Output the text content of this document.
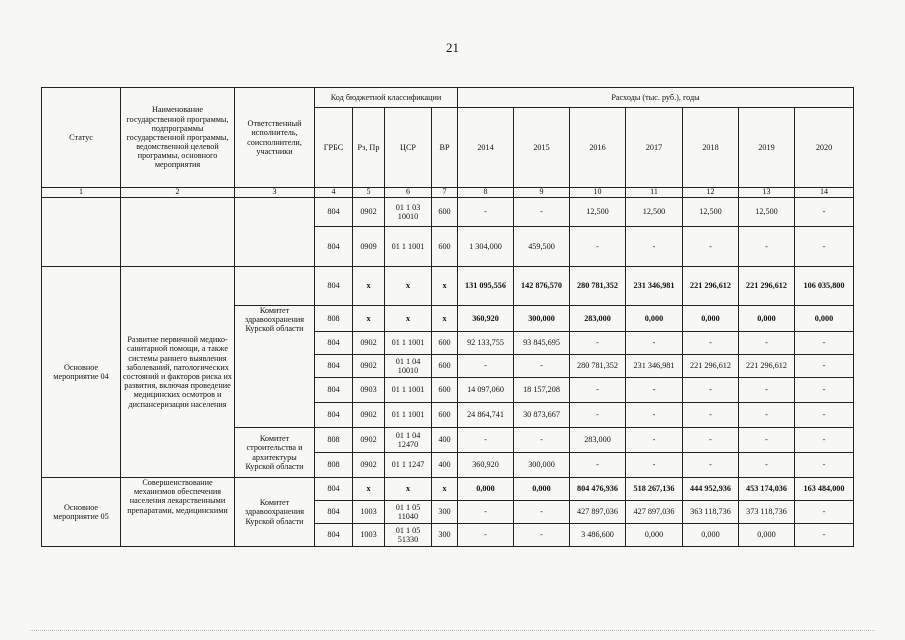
21
Статус	Наименование государственной программы, подпрограммы государственной программы, ведомственной целевой программы, основного мероприятия	Ответственный исполнитель, соисполнители, участники	Код бюджетной классификации				Расходы (тыс. руб.), годы						
			ГРБС	Рз, Пр	ЦСР	ВР	2014	2015	2016	2017	2018	2019	2020
1	2	3	4	5	6	7	8	9	10	11	12	13	14
			804	0902	01 1 03 10010	600	-	-	12,500	12,500	12,500	12,500	-
			804	0909	01 1 1001	600	1 304,000	459,500	-	-	-	-	-
Основное мероприятие 04	Развитие первичной медико-санитарной помощи, а также системы раннего выявления заболеваний, патологических состояний и факторов риска их развития, включая проведение медицинских осмотров и диспансеризации населения		804	х	х	х	131 095,556	142 876,570	280 781,352	231 346,981	221 296,612	221 296,612	106 035,800
		Комитет здравоохранения Курской области	808	х	х	х	360,920	300,000	283,000	0,000	0,000	0,000	0,000
			804	0902	01 1 1001	600	92 133,755	93 845,695	-	-	-	-	-
			804	0902	01 1 04 10010	600	-	-	280 781,352	231 346,981	221 296,612	221 296,612	-
			804	0903	01 1 1001	600	14 097,060	18 157,208	-	-	-	-	-
			804	0902	01 1 1001	600	24 864,741	30 873,667	-	-	-	-	-
		Комитет строительства и архитектуры Курской области	808	0902	01 1 04 12470	400	-	-	283,000	-	-	-	-
			808	0902	01 1 1247	400	360,920	300,000	-	-	-	-	-
Основное мероприятие 05	Совершенствование механизмов обеспечения населения лекарственными препаратами, медицинскими	Комитет здравоохранения Курской области	804	х	х	х	0,000	0,000	804 476,936	518 267,136	444 952,936	453 174,036	163 484,000
			804	1003	01 1 05 11040	300	-	-	427 897,036	427 897,036	363 118,736	373 118,736	-
			804	1003	01 1 05 51330	300	-	-	3 486,600	0,000	0,000	0,000	-
